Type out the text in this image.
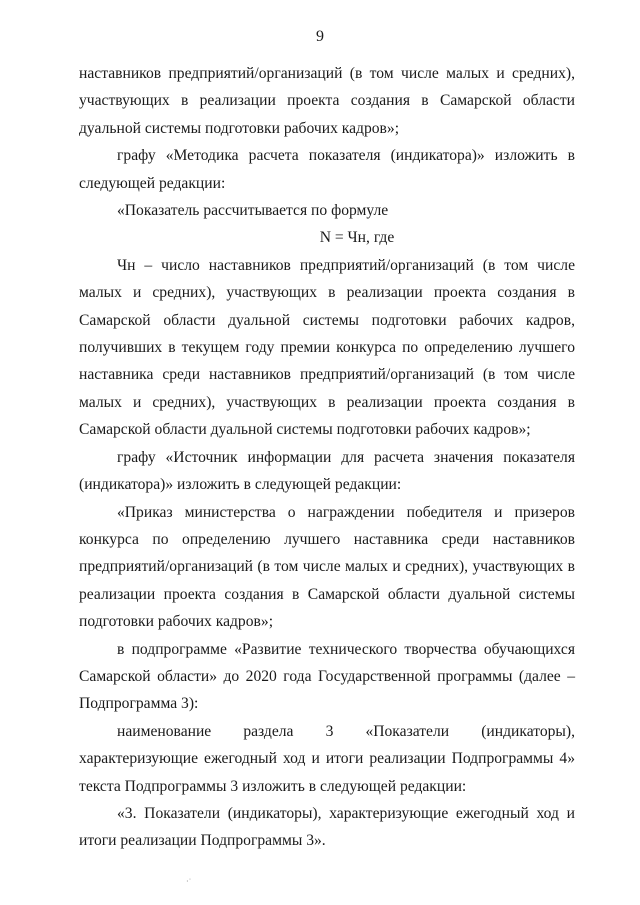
9

наставников предприятий/организаций (в том числе малых и средних), участвующих в реализации проекта создания в Самарской области дуальной системы подготовки рабочих кадров»;

графу «Методика расчета показателя (индикатора)» изложить в следующей редакции:

«Показатель рассчитывается по формуле

N = Чн, где

Чн – число наставников предприятий/организаций (в том числе малых и средних), участвующих в реализации проекта создания в Самарской области дуальной системы подготовки рабочих кадров, получивших в текущем году премии конкурса по определению лучшего наставника среди наставников предприятий/организаций (в том числе малых и средних), участвующих в реализации проекта создания в Самарской области дуальной системы подготовки рабочих кадров»;

графу «Источник информации для расчета значения показателя (индикатора)» изложить в следующей редакции:

«Приказ министерства о награждении победителя и призеров конкурса по определению лучшего наставника среди наставников предприятий/организаций (в том числе малых и средних), участвующих в реализации проекта создания в Самарской области дуальной системы подготовки рабочих кадров»;

в подпрограмме «Развитие технического творчества обучающихся Самарской области» до 2020 года Государственной программы (далее – Подпрограмма 3):

наименование раздела 3 «Показатели (индикаторы), характеризующие ежегодный ход и итоги реализации Подпрограммы 4» текста Подпрограммы 3 изложить в следующей редакции:

«3. Показатели (индикаторы), характеризующие ежегодный ход и итоги реализации Подпрограммы 3».

·˙
